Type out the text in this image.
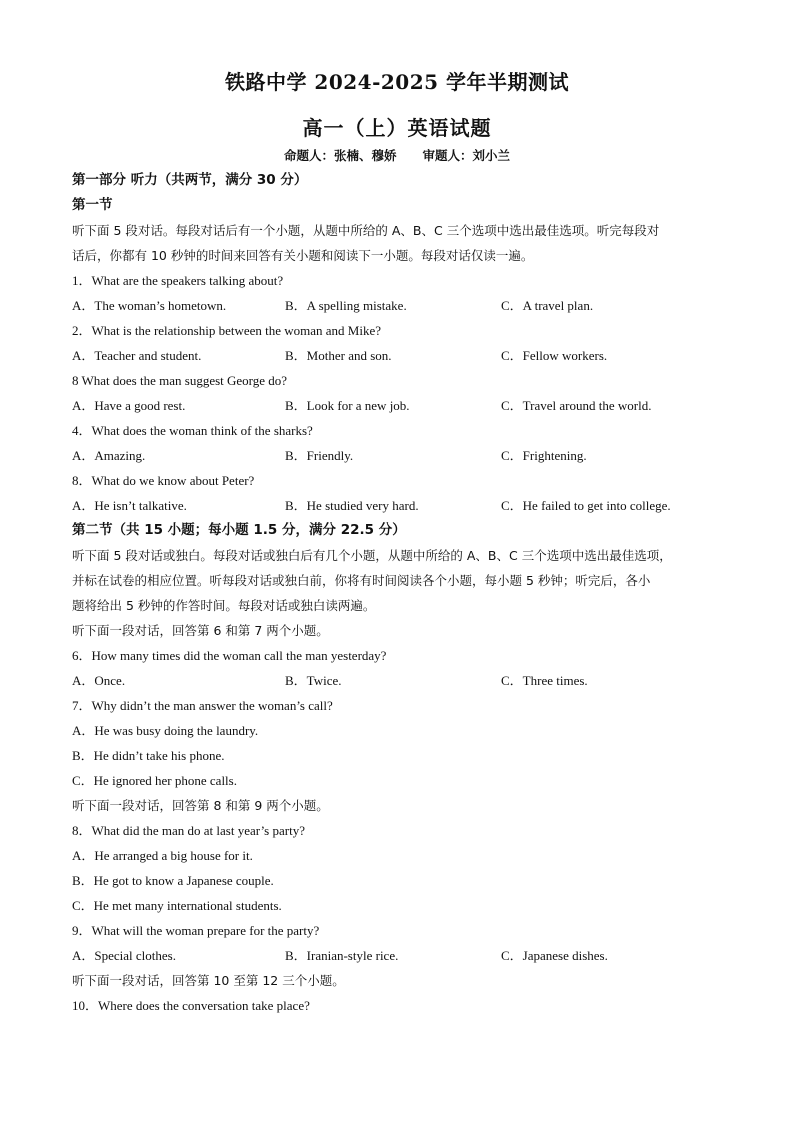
铁路中学 2024-2025 学年半期测试
高一（上）英语试题
命题人：张楠、穆娇      审题人：刘小兰
第一部分 听力（共两节，满分 30 分）
第一节
听下面 5 段对话。每段对话后有一个小题，从题中所给的 A、B、C 三个选项中选出最佳选项。听完每段对
话后，你都有 10 秒钟的时间来回答有关小题和阅读下一小题。每段对话仅读一遍。
1．What are the speakers talking about?
A．The woman’s hometown.	B．A spelling mistake.	C．A travel plan.
2．What is the relationship between the woman and Mike?
A．Teacher and student.	B．Mother and son.	C．Fellow workers.
8 What does the man suggest George do?
A．Have a good rest.	B．Look for a new job.	C．Travel around the world.
4．What does the woman think of the sharks?
A．Amazing.	B．Friendly.	C．Frightening.
8．What do we know about Peter?
A．He isn’t talkative.	B．He studied very hard.	C．He failed to get into college.
第二节（共 15 小题；每小题 1.5 分，满分 22.5 分）
听下面 5 段对话或独白。每段对话或独白后有几个小题，从题中所给的 A、B、C 三个选项中选出最佳选项，
并标在试卷的相应位置。听每段对话或独白前，你将有时间阅读各个小题，每小题 5 秒钟；听完后，各小
题将给出 5 秒钟的作答时间。每段对话或独白读两遍。
听下面一段对话，回答第 6 和第 7 两个小题。
6．How many times did the woman call the man yesterday?
A．Once.	B．Twice.	C．Three times.
7．Why didn’t the man answer the woman’s call?
A．He was busy doing the laundry.
B．He didn’t take his phone.
C．He ignored her phone calls.
听下面一段对话，回答第 8 和第 9 两个小题。
8．What did the man do at last year’s party?
A．He arranged a big house for it.
B．He got to know a Japanese couple.
C．He met many international students.
9．What will the woman prepare for the party?
A．Special clothes.	B．Iranian-style rice.	C．Japanese dishes.
听下面一段对话，回答第 10 至第 12 三个小题。
10．Where does the conversation take place?
